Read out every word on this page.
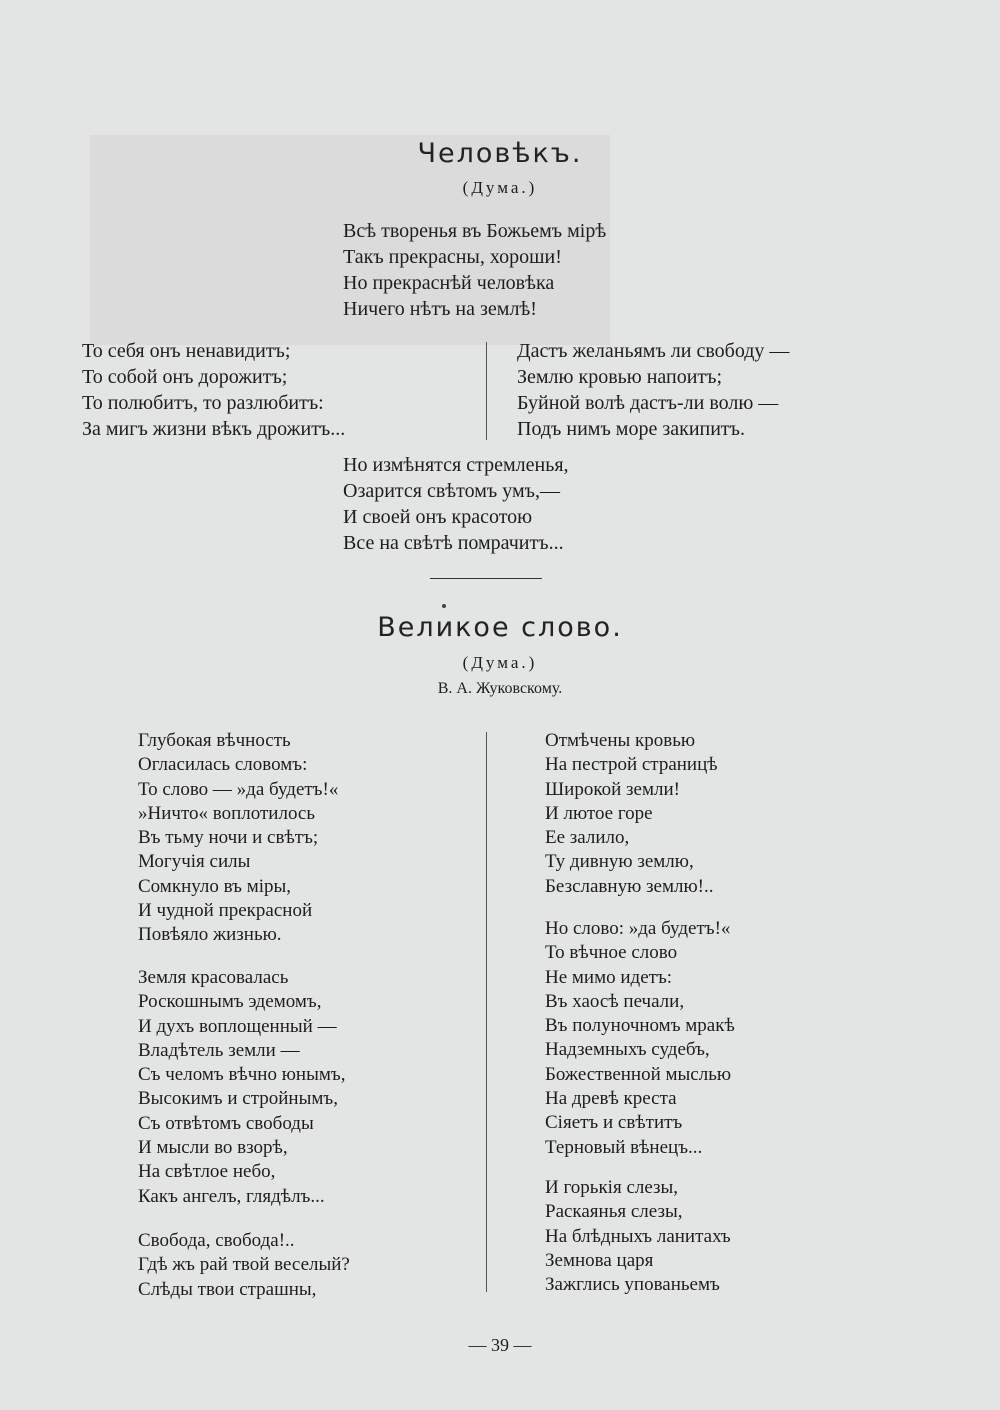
Человѣкъ.
(Дума.)
Всѣ творенья въ Божьемъ мірѣ
Такъ прекрасны, хороши!
Но прекраснѣй человѣка
Ничего нѣтъ на землѣ!
То себя онъ ненавидитъ;
То собой онъ дорожитъ;
То полюбитъ, то разлюбитъ:
За мигъ жизни вѣкъ дрожитъ...
Дастъ желаньямъ ли свободу —
Землю кровью напоитъ;
Буйной волѣ дастъ-ли волю —
Подъ нимъ море закипитъ.
Но измѣнятся стремленья,
Озарится свѣтомъ умъ,—
И своей онъ красотою
Все на свѣтѣ помрачитъ...
Великое слово.
(Дума.)
В. А. Жуковскому.
Глубокая вѣчность
Огласилась словомъ:
То слово — »да будетъ!«
»Ничто« воплотилось
Въ тьму ночи и свѣтъ;
Могучія силы
Сомкнуло въ міры,
И чудной прекрасной
Повѣяло жизнью.
Земля красовалась
Роскошнымъ эдемомъ,
И духъ воплощенный —
Владѣтель земли —
Съ челомъ вѣчно юнымъ,
Высокимъ и стройнымъ,
Съ отвѣтомъ свободы
И мысли во взорѣ,
На свѣтлое небо,
Какъ ангелъ, глядѣлъ...
Свобода, свобода!..
Гдѣ жъ рай твой веселый?
Слѣды твои страшны,
Отмѣчены кровью
На пестрой страницѣ
Широкой земли!
И лютое горе
Ее залило,
Ту дивную землю,
Безславную землю!..
Но слово: »да будетъ!«
То вѣчное слово
Не мимо идетъ:
Въ хаосѣ печали,
Въ полуночномъ мракѣ
Надземныхъ судебъ,
Божественной мыслью
На древѣ креста
Сіяетъ и свѣтитъ
Терновый вѣнецъ...
И горькія слезы,
Раскаянья слезы,
На блѣдныхъ ланитахъ
Земнова царя
Зажглись упованьемъ
— 39 —
